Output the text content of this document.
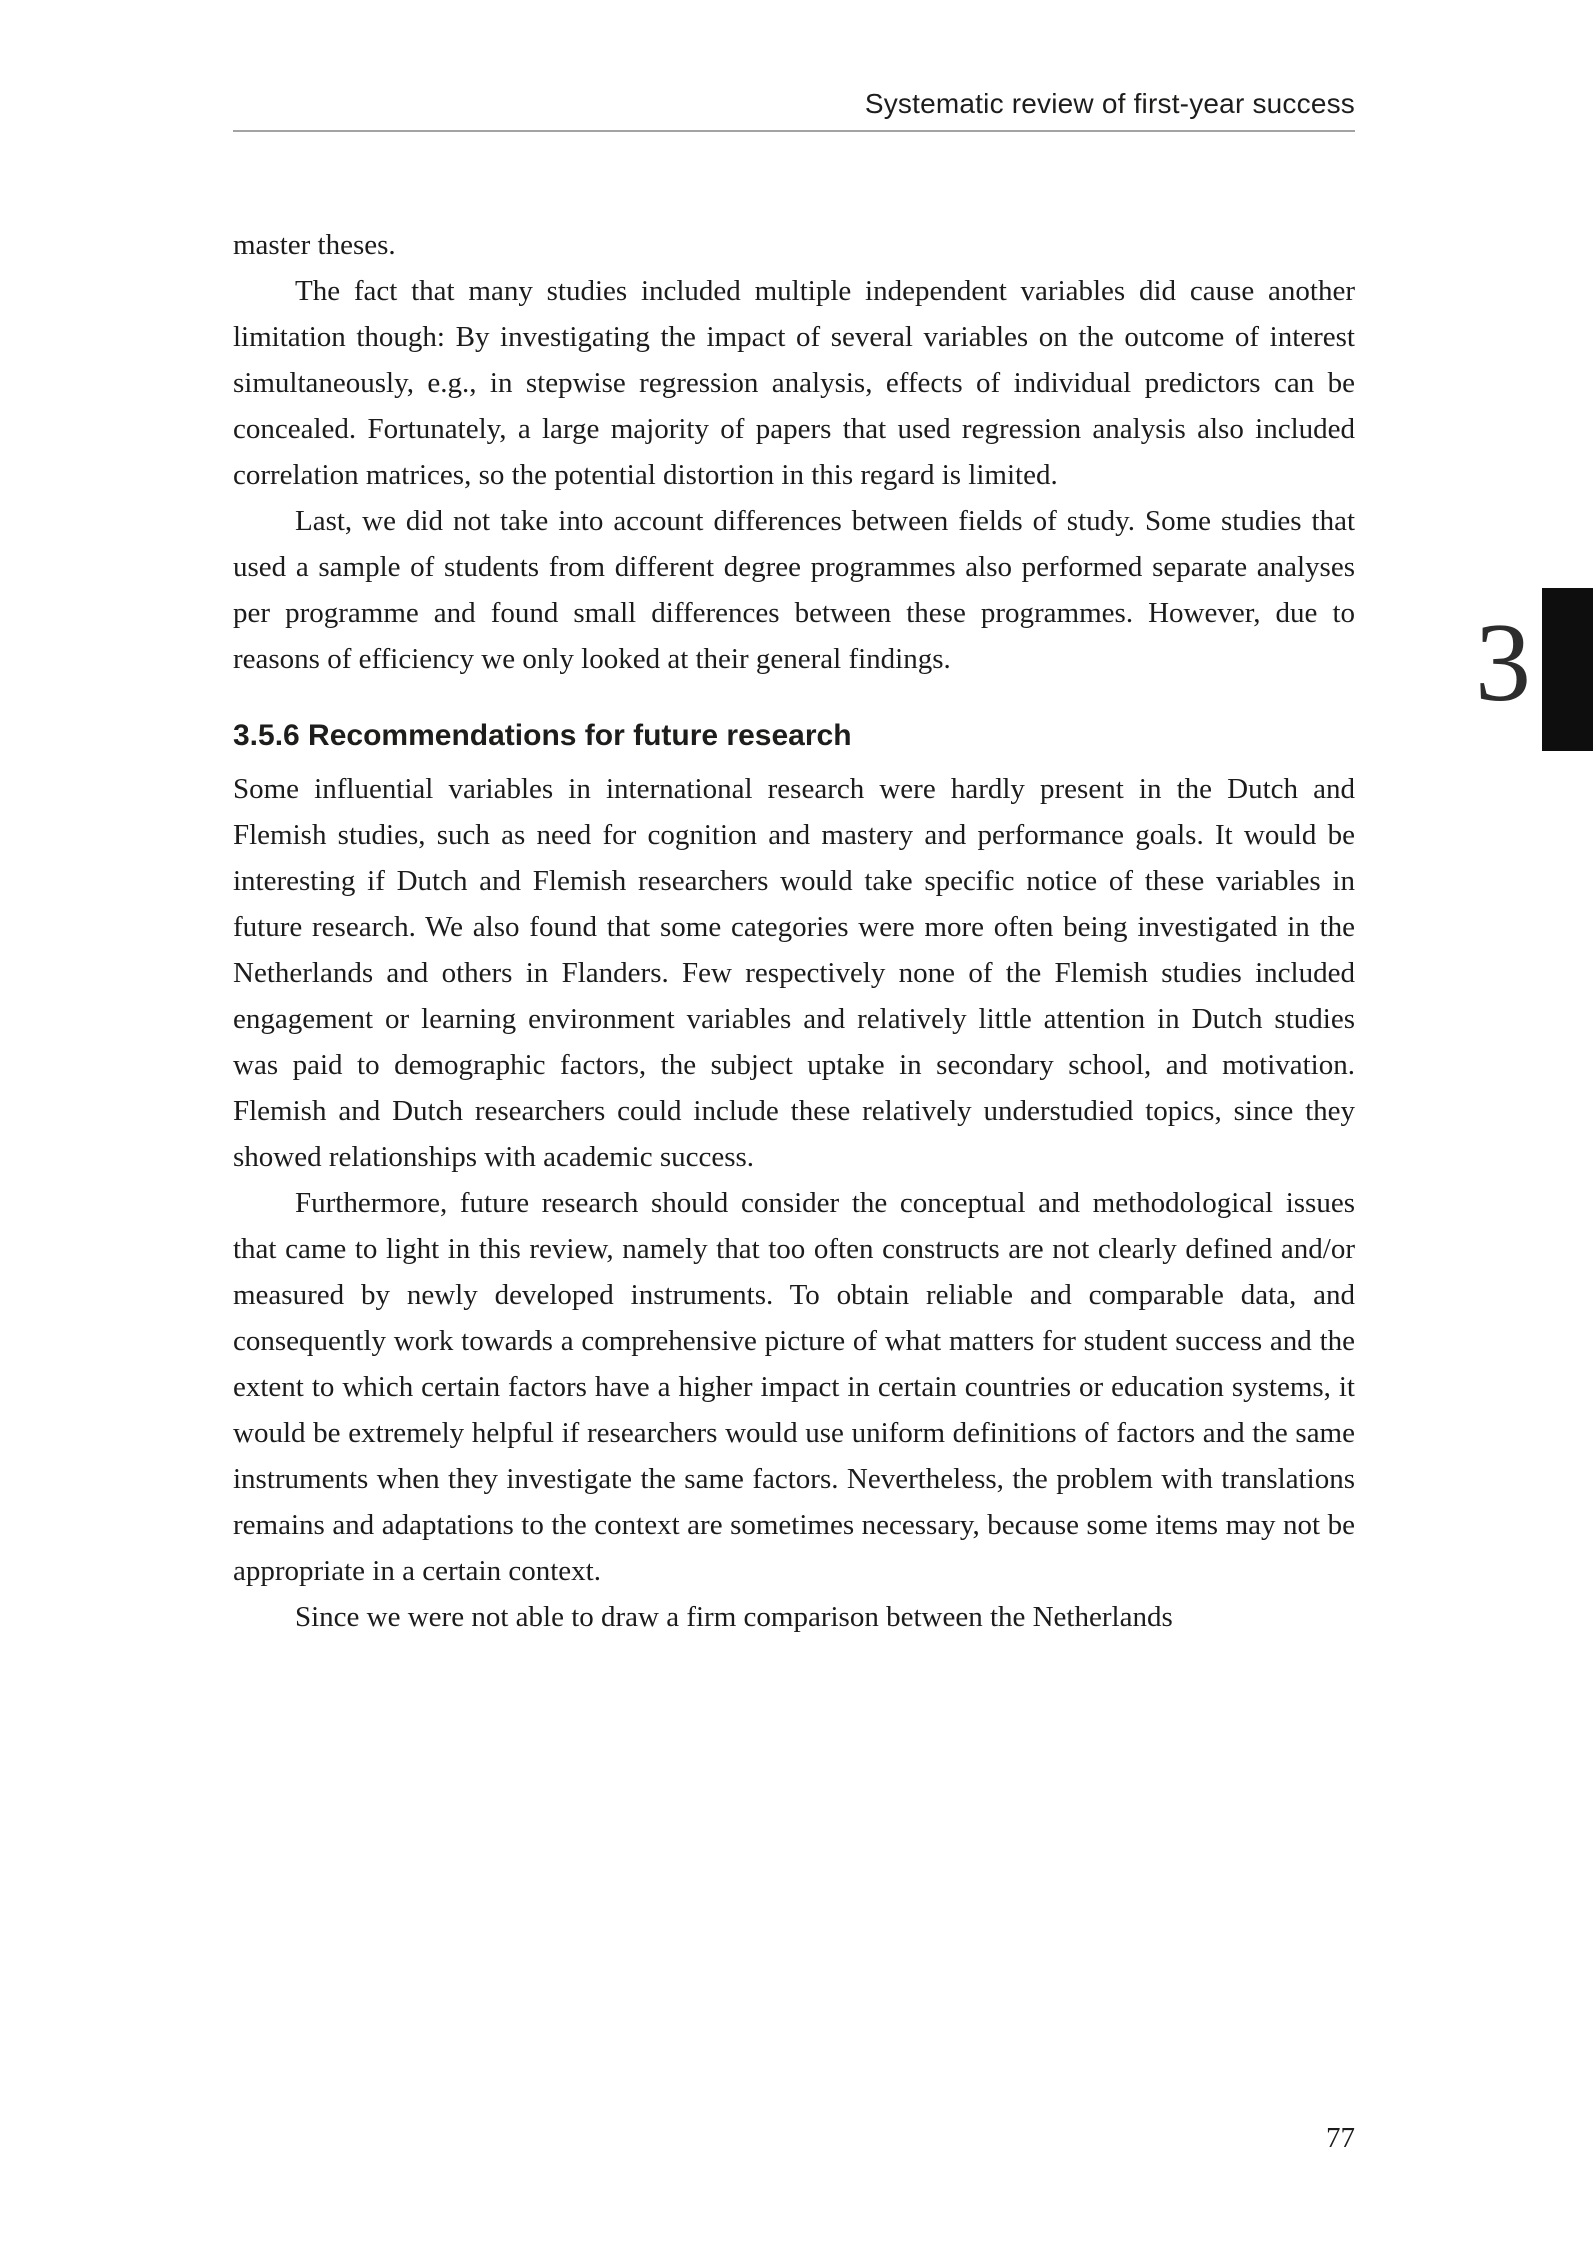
Systematic review of first-year success
3

master theses.

The fact that many studies included multiple independent variables did cause another limitation though: By investigating the impact of several variables on the outcome of interest simultaneously, e.g., in stepwise regression analysis, effects of individual predictors can be concealed. Fortunately, a large majority of papers that used regression analysis also included correlation matrices, so the potential distortion in this regard is limited.

Last, we did not take into account differences between fields of study. Some studies that used a sample of students from different degree programmes also performed separate analyses per programme and found small differences between these programmes. However, due to reasons of efficiency we only looked at their general findings.

3.5.6 Recommendations for future research

Some influential variables in international research were hardly present in the Dutch and Flemish studies, such as need for cognition and mastery and performance goals. It would be interesting if Dutch and Flemish researchers would take specific notice of these variables in future research. We also found that some categories were more often being investigated in the Netherlands and others in Flanders. Few respectively none of the Flemish studies included engagement or learning environment variables and relatively little attention in Dutch studies was paid to demographic factors, the subject uptake in secondary school, and motivation. Flemish and Dutch researchers could include these relatively understudied topics, since they showed relationships with academic success.

Furthermore, future research should consider the conceptual and methodological issues that came to light in this review, namely that too often constructs are not clearly defined and/or measured by newly developed instruments. To obtain reliable and comparable data, and consequently work towards a comprehensive picture of what matters for student success and the extent to which certain factors have a higher impact in certain countries or education systems, it would be extremely helpful if researchers would use uniform definitions of factors and the same instruments when they investigate the same factors. Nevertheless, the problem with translations remains and adaptations to the context are sometimes necessary, because some items may not be appropriate in a certain context.

Since we were not able to draw a firm comparison between the Netherlands

77
